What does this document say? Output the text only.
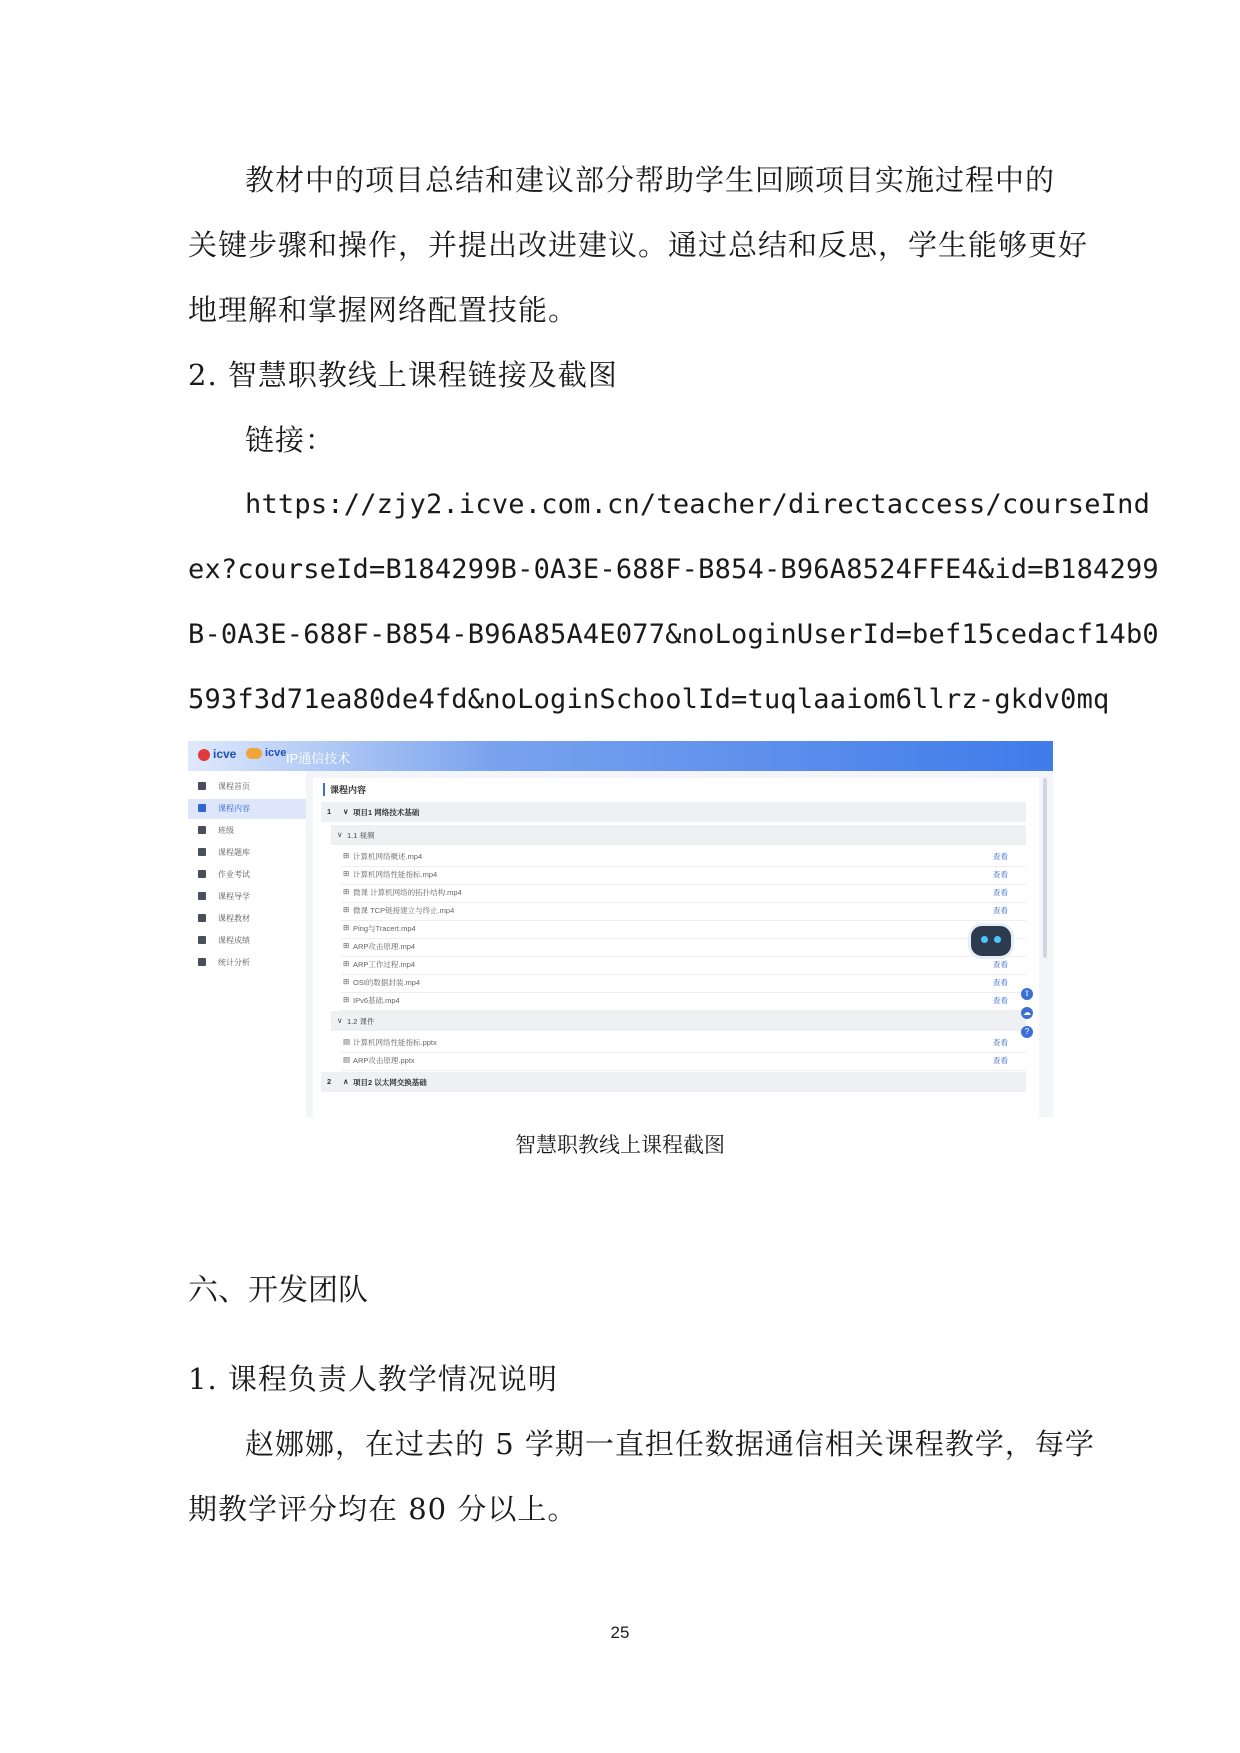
教材中的项目总结和建议部分帮助学生回顾项目实施过程中的
关键步骤和操作，并提出改进建议。通过总结和反思，学生能够更好
地理解和掌握网络配置技能。
2. 智慧职教线上课程链接及截图
链接：
https://zjy2.icve.com.cn/teacher/directaccess/courseInd
ex?courseId=B184299B-0A3E-688F-B854-B96A8524FFE4&id=B184299
B-0A3E-688F-B854-B96A85A4E077&noLoginUserId=bef15cedacf14b0
593f3d71ea80de4fd&noLoginSchoolId=tuqlaaiom6llrz-gkdv0mq
icve	icve IP通信技术
课程首页
课程内容
班级
课程题库
作业考试
课程导学
课程教材
课程成绩
统计分析
课程内容
1 ∨ 项目1 网络技术基础
∨ 1.1 视频
⊞ 计算机网络概述.mp4	查看
⊞ 计算机网络性能指标.mp4	查看
⊞ 微课 计算机网络的拓扑结构.mp4	查看
⊞ 微课 TCP链接建立与终止.mp4	查看
⊞ Ping与Tracert.mp4
⊞ ARP攻击原理.mp4
⊞ ARP工作过程.mp4	查看
⊞ OSI的数据封装.mp4	查看
⊞ IPv6基础.mp4	查看
∨ 1.2 课件
▤ 计算机网络性能指标.pptx	查看
▤ ARP攻击原理.pptx	查看
2 ∧ 项目2 以太网交换基础
⇪
☁
?
智慧职教线上课程截图
六、开发团队
1. 课程负责人教学情况说明
赵娜娜，在过去的 5 学期一直担任数据通信相关课程教学，每学
期教学评分均在 80 分以上。
25
